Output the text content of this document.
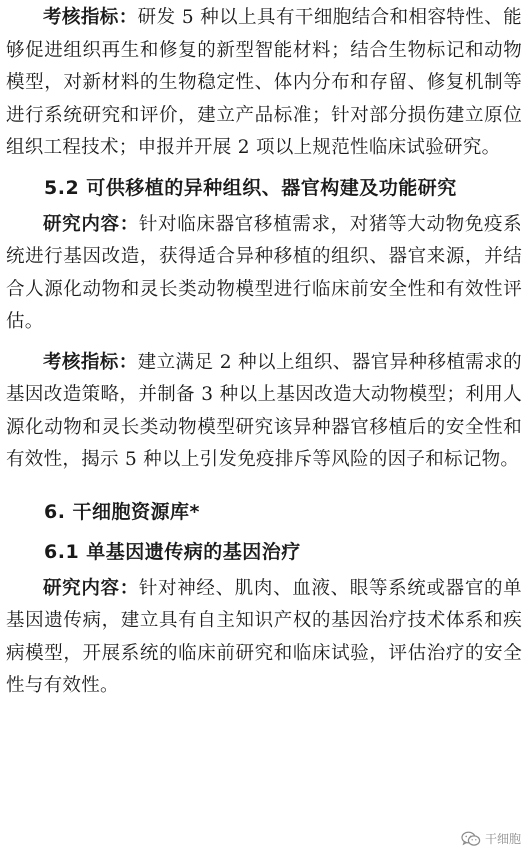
考核指标：研发 5 种以上具有干细胞结合和相容特性、能够促进组织再生和修复的新型智能材料；结合生物标记和动物模型，对新材料的生物稳定性、体内分布和存留、修复机制等进行系统研究和评价，建立产品标准；针对部分损伤建立原位组织工程技术；申报并开展 2 项以上规范性临床试验研究。

5.2 可供移植的异种组织、器官构建及功能研究

研究内容：针对临床器官移植需求，对猪等大动物免疫系统进行基因改造，获得适合异种移植的组织、器官来源，并结合人源化动物和灵长类动物模型进行临床前安全性和有效性评估。

考核指标：建立满足 2 种以上组织、器官异种移植需求的基因改造策略，并制备 3 种以上基因改造大动物模型；利用人源化动物和灵长类动物模型研究该异种器官移植后的安全性和有效性，揭示 5 种以上引发免疫排斥等风险的因子和标记物。

6. 干细胞资源库*
6.1 单基因遗传病的基因治疗

研究内容：针对神经、肌肉、血液、眼等系统或器官的单基因遗传病，建立具有自主知识产权的基因治疗技术体系和疾病模型，开展系统的临床前研究和临床试验，评估治疗的安全性与有效性。

干细胞
